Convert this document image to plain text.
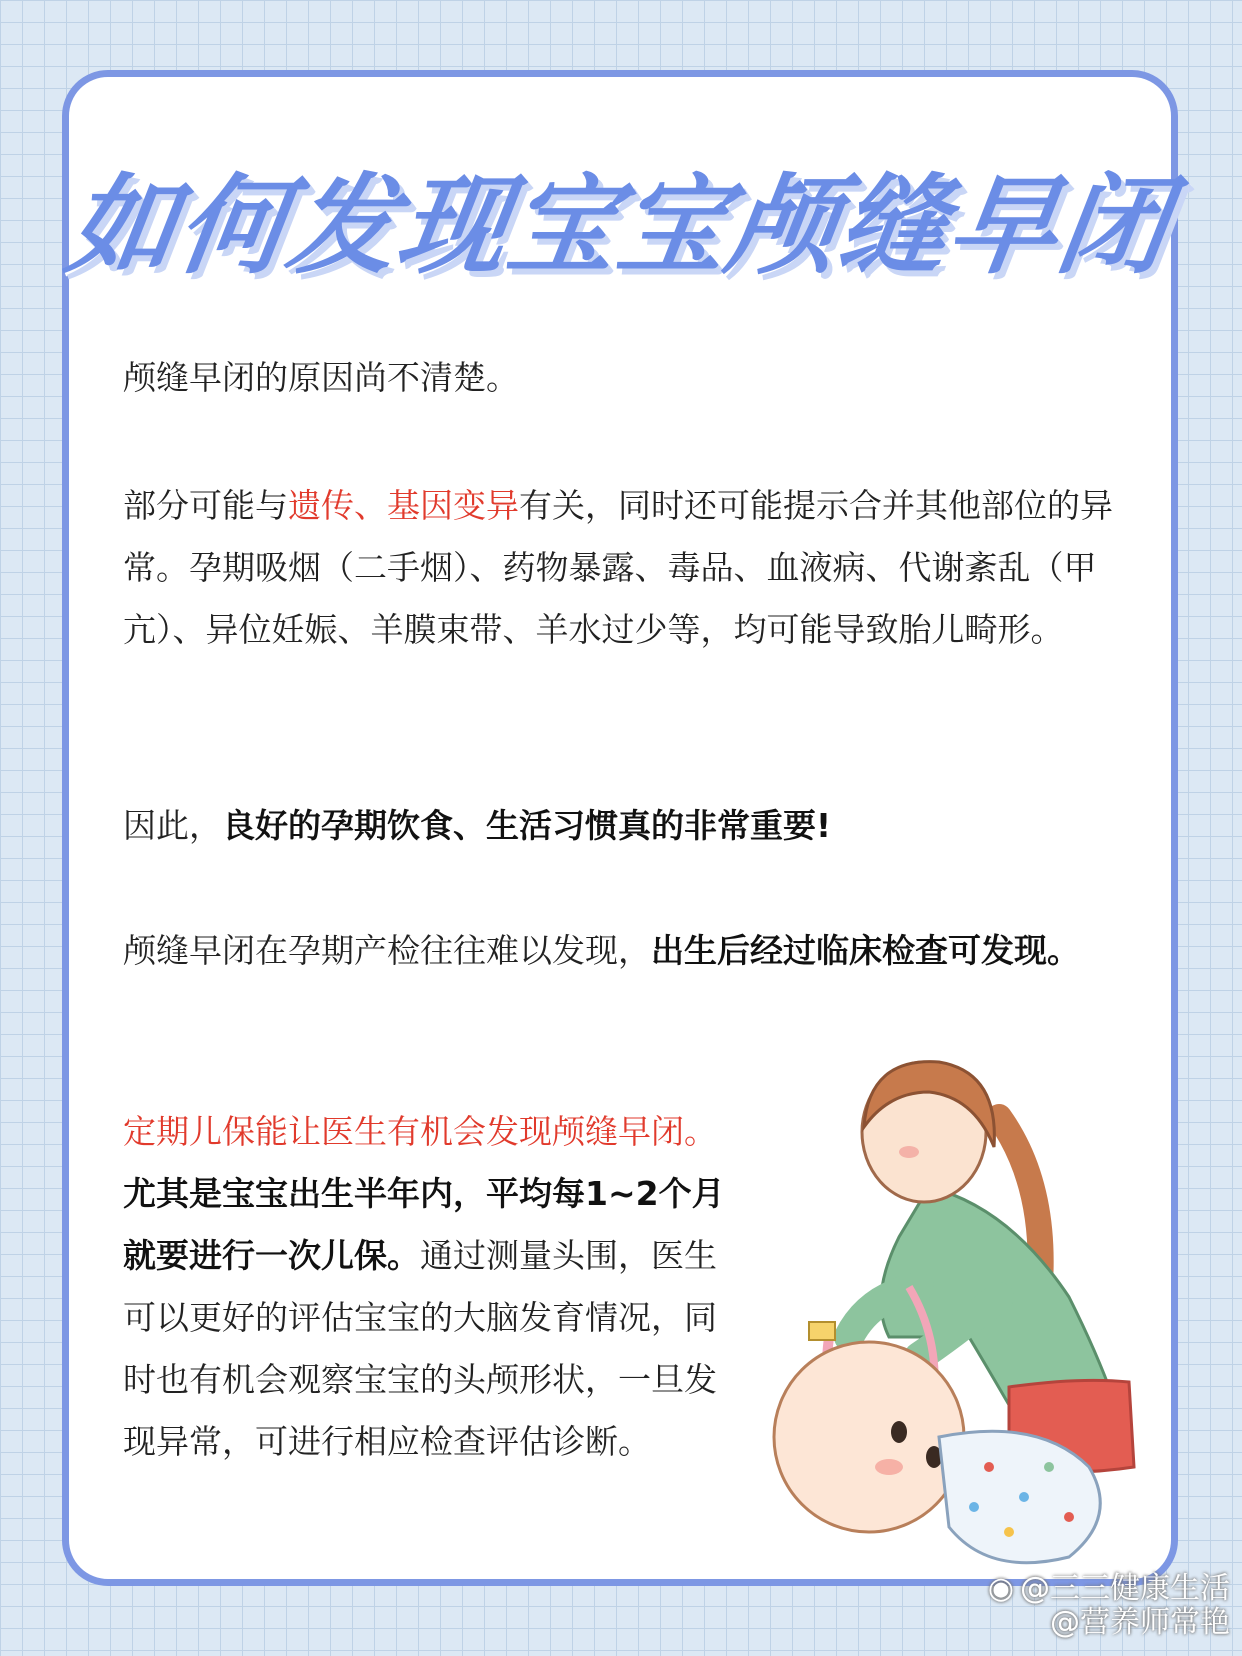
如何发现宝宝颅缝早闭
颅缝早闭的原因尚不清楚。
部分可能与遗传、基因变异有关，同时还可能提示合并其他部位的异常。孕期吸烟（二手烟）、药物暴露、毒品、血液病、代谢紊乱（甲亢）、异位妊娠、羊膜束带、羊水过少等，均可能导致胎儿畸形。
因此，良好的孕期饮食、生活习惯真的非常重要!
颅缝早闭在孕期产检往往难以发现，出生后经过临床检查可发现。
定期儿保能让医生有机会发现颅缝早闭。尤其是宝宝出生半年内，平均每1~2个月就要进行一次儿保。通过测量头围，医生可以更好的评估宝宝的大脑发育情况，同时也有机会观察宝宝的头颅形状，一旦发现异常，可进行相应检查评估诊断。
◉ @三三健康生活
@营养师常艳
